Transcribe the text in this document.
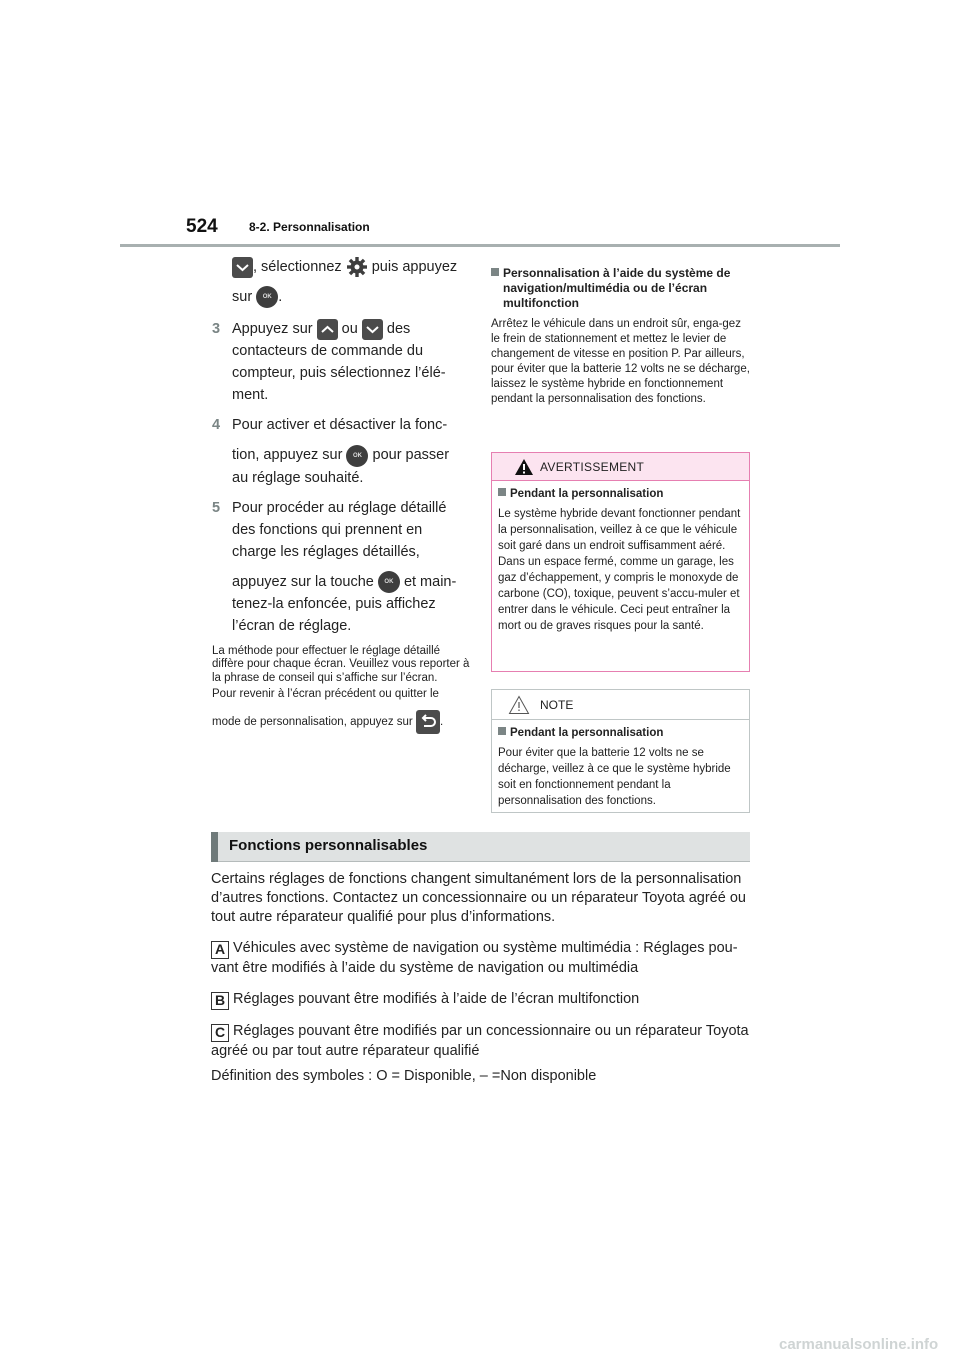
524	8-2. Personnalisation
, sélectionnez puis appuyez
sur OK .
3 Appuyez sur ou des
contacteurs de commande du
compteur, puis sélectionnez l’élé-
ment.
4 Pour activer et désactiver la fonc-
tion, appuyez sur OK pour passer
au réglage souhaité.
5 Pour procéder au réglage détaillé
des fonctions qui prennent en
charge les réglages détaillés,
appuyez sur la touche OK et main-
tenez-la enfoncée, puis affichez
l’écran de réglage.
La méthode pour effectuer le réglage détaillé diffère pour chaque écran. Veuillez vous reporter à la phrase de conseil qui s’affiche sur l’écran.
Pour revenir à l’écran précédent ou quitter le
mode de personnalisation, appuyez sur .
Personnalisation à l’aide du système de navigation/multimédia ou de l’écran multifonction
Arrêtez le véhicule dans un endroit sûr, enga-gez le frein de stationnement et mettez le levier de changement de vitesse en position P. Par ailleurs, pour éviter que la batterie 12 volts ne se décharge, laissez le système hybride en fonctionnement pendant la personnalisation des fonctions.
AVERTISSEMENT
Pendant la personnalisation
Le système hybride devant fonctionner pendant la personnalisation, veillez à ce que le véhicule soit garé dans un endroit suffisamment aéré. Dans un espace fermé, comme un garage, les gaz d’échappement, y compris le monoxyde de carbone (CO), toxique, peuvent s’accu-muler et entrer dans le véhicule. Ceci peut entraîner la mort ou de graves risques pour la santé.
NOTE
Pendant la personnalisation
Pour éviter que la batterie 12 volts ne se décharge, veillez à ce que le système hybride soit en fonctionnement pendant la personnalisation des fonctions.
Fonctions personnalisables

Certains réglages de fonctions changent simultanément lors de la personnalisation d’autres fonctions. Contactez un concessionnaire ou un réparateur Toyota agréé ou tout autre réparateur qualifié pour plus d’informations.

A Véhicules avec système de navigation ou système multimédia : Réglages pou-vant être modifiés à l’aide du système de navigation ou multimédia

B Réglages pouvant être modifiés à l’aide de l’écran multifonction

C Réglages pouvant être modifiés par un concessionnaire ou un réparateur Toyota agréé ou par tout autre réparateur qualifié

Définition des symboles : O = Disponible, – =Non disponible

carmanualsonline.info
